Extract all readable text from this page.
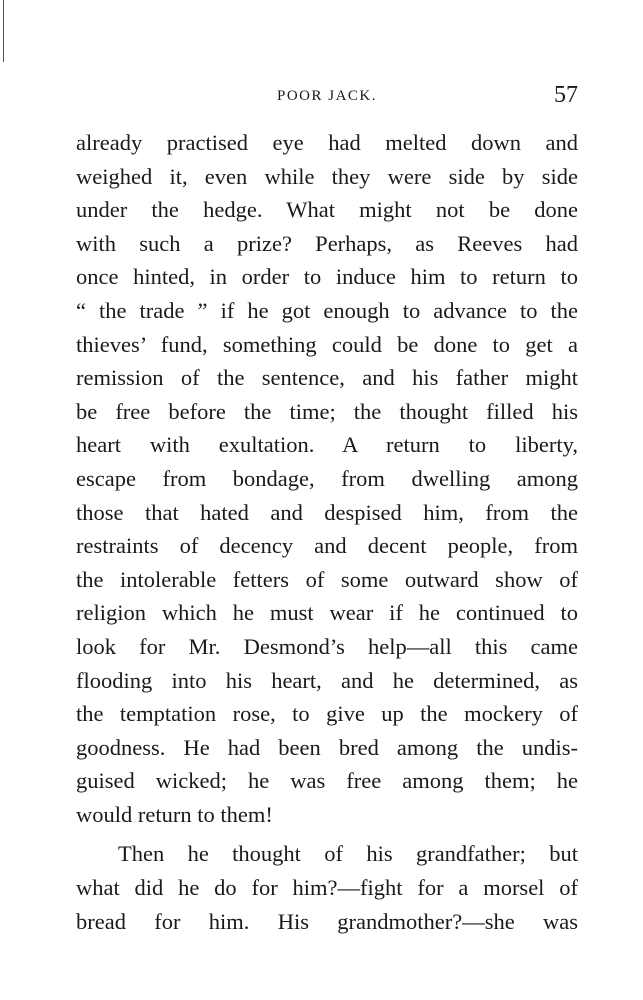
POOR JACK.	57
already practised eye had melted down and
weighed it, even while they were side by side
under the hedge. What might not be done
with such a prize? Perhaps, as Reeves had
once hinted, in order to induce him to return to
“ the trade ” if he got enough to advance to the
thieves’ fund, something could be done to get a
remission of the sentence, and his father might
be free before the time; the thought filled his
heart with exultation. A return to liberty,
escape from bondage, from dwelling among
those that hated and despised him, from the
restraints of decency and decent people, from
the intolerable fetters of some outward show of
religion which he must wear if he continued to
look for Mr. Desmond’s help—all this came
flooding into his heart, and he determined, as
the temptation rose, to give up the mockery of
goodness. He had been bred among the undis-
guised wicked; he was free among them; he
would return to them!
Then he thought of his grandfather; but
what did he do for him?—fight for a morsel of
bread for him. His grandmother?—she was
